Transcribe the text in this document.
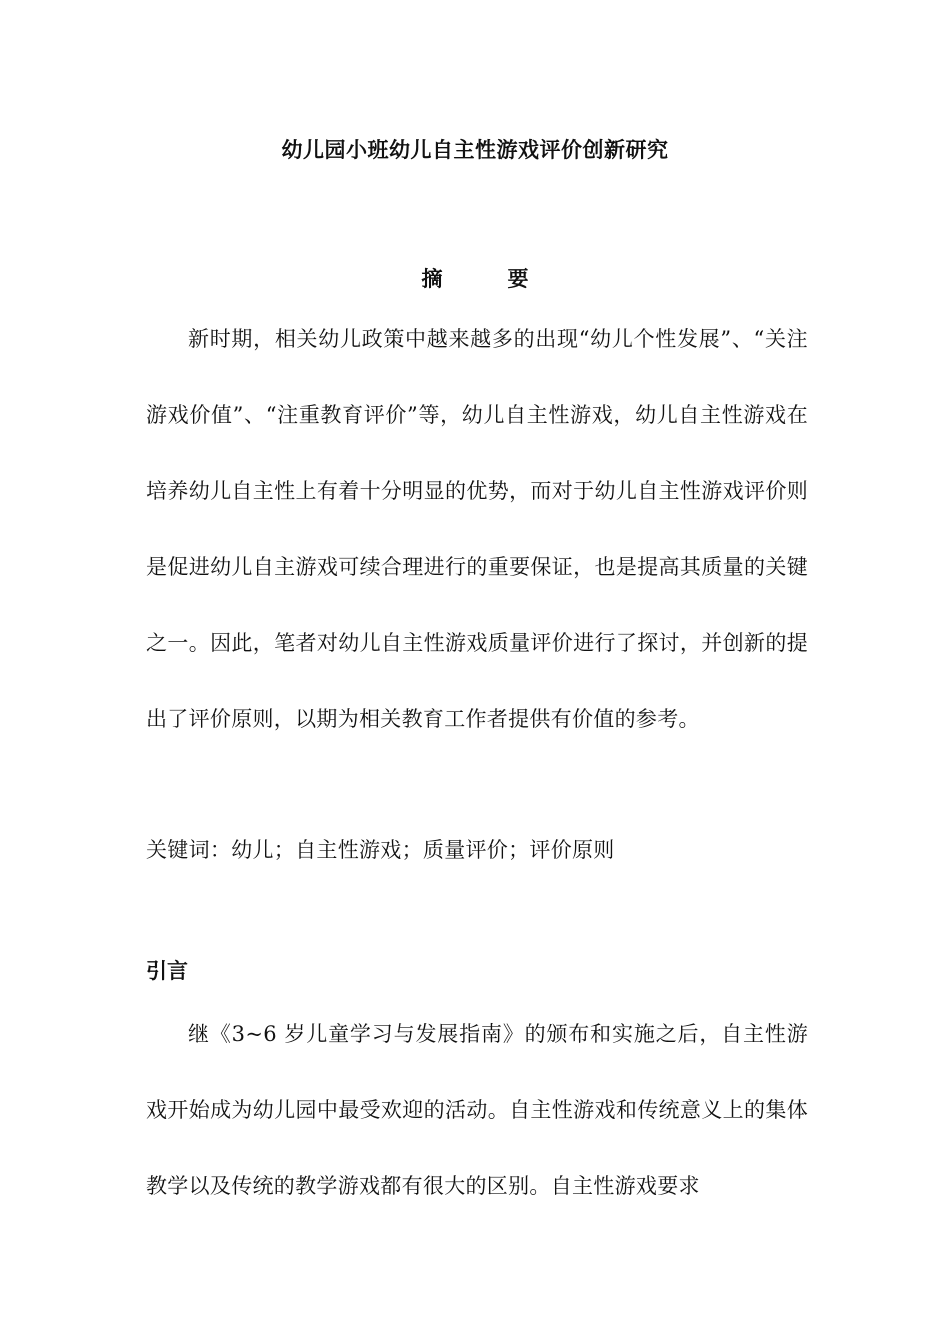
幼儿园小班幼儿自主性游戏评价创新研究
摘　要
新时期，相关幼儿政策中越来越多的出现“幼儿个性发展”、“关注游戏价值”、“注重教育评价”等，幼儿自主性游戏，幼儿自主性游戏在培养幼儿自主性上有着十分明显的优势，而对于幼儿自主性游戏评价则是促进幼儿自主游戏可续合理进行的重要保证，也是提高其质量的关键之一。因此，笔者对幼儿自主性游戏质量评价进行了探讨，并创新的提出了评价原则，以期为相关教育工作者提供有价值的参考。
关键词：幼儿；自主性游戏；质量评价；评价原则
引言
继《3~6 岁儿童学习与发展指南》的颁布和实施之后，自主性游戏开始成为幼儿园中最受欢迎的活动。自主性游戏和传统意义上的集体教学以及传统的教学游戏都有很大的区别。自主性游戏要求
